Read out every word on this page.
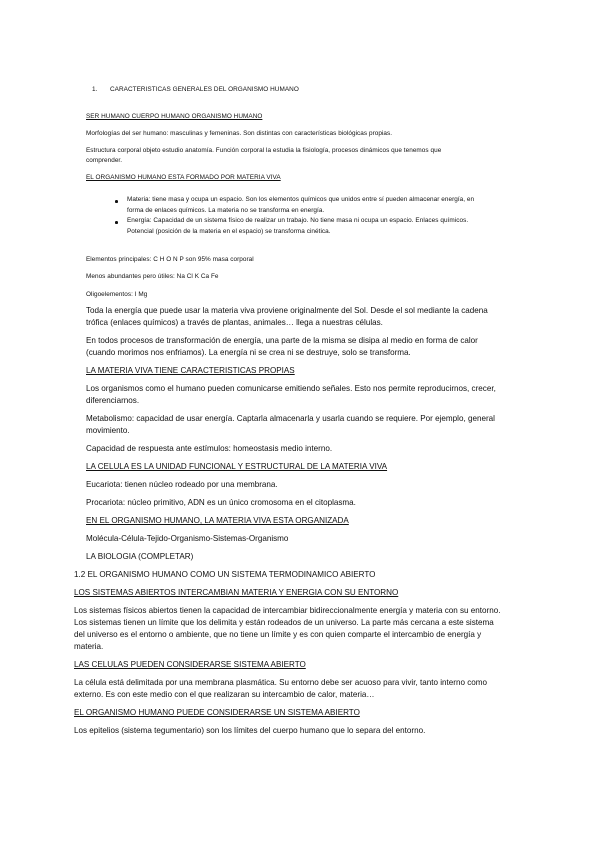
1. CARACTERISTICAS GENERALES DEL ORGANISMO HUMANO

SER HUMANO CUERPO HUMANO ORGANISMO HUMANO

Morfologías del ser humano: masculinas y femeninas. Son distintas con características biológicas propias.

Estructura corporal objeto estudio anatomía. Función corporal la estudia la fisiología, procesos dinámicos que tenemos que

comprender.

EL ORGANISMO HUMANO ESTA FORMADO POR MATERIA VIVA

Materia: tiene masa y ocupa un espacio. Son los elementos químicos que unidos entre sí pueden almacenar energía, en

forma de enlaces químicos. La materia no se transforma en energía.

Energía: Capacidad de un sistema físico de realizar un trabajo. No tiene masa ni ocupa un espacio. Enlaces químicos.

Potencial (posición de la materia en el espacio) se transforma cinética.

Elementos principales: C H O N P son 95% masa corporal

Menos abundantes pero útiles: Na Cl K Ca Fe

Oligoelementos: I Mg

Toda la energía que puede usar la materia viva proviene originalmente del Sol. Desde el sol mediante la cadena

trófica (enlaces químicos) a través de plantas, animales… llega a nuestras células.

En todos procesos de transformación de energía, una parte de la misma se disipa al medio en forma de calor

(cuando morimos nos enfriamos). La energía ni se crea ni se destruye, solo se transforma.

LA MATERIA VIVA TIENE CARACTERISTICAS PROPIAS

Los organismos como el humano pueden comunicarse emitiendo señales. Esto nos permite reproducirnos, crecer,

diferenciarnos.

Metabolismo: capacidad de usar energía. Captarla almacenarla y usarla cuando se requiere. Por ejemplo, general

movimiento.

Capacidad de respuesta ante estímulos: homeostasis medio interno.

LA CELULA ES LA UNIDAD FUNCIONAL Y ESTRUCTURAL DE LA MATERIA VIVA

Eucariota: tienen núcleo rodeado por una membrana.

Procariota: núcleo primitivo, ADN es un único cromosoma en el citoplasma.

EN EL ORGANISMO HUMANO, LA MATERIA VIVA ESTA ORGANIZADA

Molécula-Célula-Tejido-Organismo-Sistemas-Organismo

LA BIOLOGIA (COMPLETAR)

1.2 EL ORGANISMO HUMANO COMO UN SISTEMA TERMODINAMICO ABIERTO

LOS SISTEMAS ABIERTOS INTERCAMBIAN MATERIA Y ENERGIA CON SU ENTORNO

Los sistemas físicos abiertos tienen la capacidad de intercambiar bidireccionalmente energía y materia con su entorno.

Los sistemas tienen un límite que los delimita y están rodeados de un universo. La parte más cercana a este sistema

del universo es el entorno o ambiente, que no tiene un límite y es con quien comparte el intercambio de energía y

materia.

LAS CELULAS PUEDEN CONSIDERARSE SISTEMA ABIERTO

La célula está delimitada por una membrana plasmática. Su entorno debe ser acuoso para vivir, tanto interno como

externo. Es con este medio con el que realizaran su intercambio de calor, materia…

EL ORGANISMO HUMANO PUEDE CONSIDERARSE UN SISTEMA ABIERTO

Los epitelios (sistema tegumentario) son los límites del cuerpo humano que lo separa del entorno.
